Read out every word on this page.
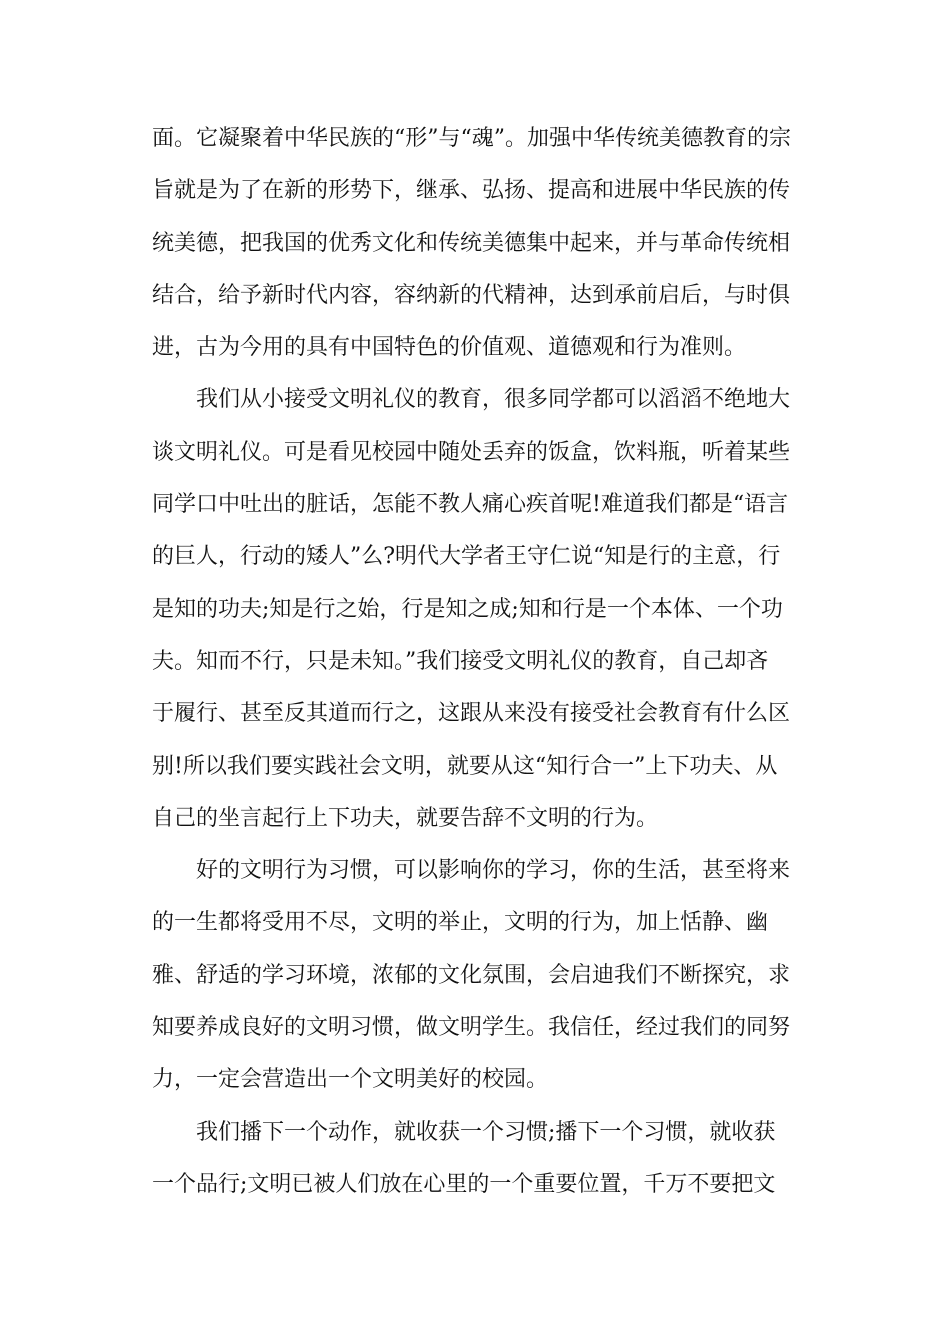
面。它凝聚着中华民族的“形”与“魂”。加强中华传统美德教育的宗
旨就是为了在新的形势下，继承、弘扬、提高和进展中华民族的传
统美德，把我国的优秀文化和传统美德集中起来，并与革命传统相
结合，给予新时代内容，容纳新的代精神，达到承前启后，与时俱
进，古为今用的具有中国特色的价值观、道德观和行为准则。
我们从小接受文明礼仪的教育，很多同学都可以滔滔不绝地大
谈文明礼仪。可是看见校园中随处丢弃的饭盒，饮料瓶，听着某些
同学口中吐出的脏话，怎能不教人痛心疾首呢!难道我们都是“语言
的巨人，行动的矮人”么?明代大学者王守仁说“知是行的主意，行
是知的功夫;知是行之始，行是知之成;知和行是一个本体、一个功
夫。知而不行，只是未知。”我们接受文明礼仪的教育，自己却吝
于履行、甚至反其道而行之，这跟从来没有接受社会教育有什么区
别!所以我们要实践社会文明，就要从这“知行合一”上下功夫、从
自己的坐言起行上下功夫，就要告辞不文明的行为。
好的文明行为习惯，可以影响你的学习，你的生活，甚至将来
的一生都将受用不尽，文明的举止，文明的行为，加上恬静、幽
雅、舒适的学习环境，浓郁的文化氛围，会启迪我们不断探究，求
知要养成良好的文明习惯，做文明学生。我信任，经过我们的同努
力，一定会营造出一个文明美好的校园。
我们播下一个动作，就收获一个习惯;播下一个习惯，就收获
一个品行;文明已被人们放在心里的一个重要位置，千万不要把文
